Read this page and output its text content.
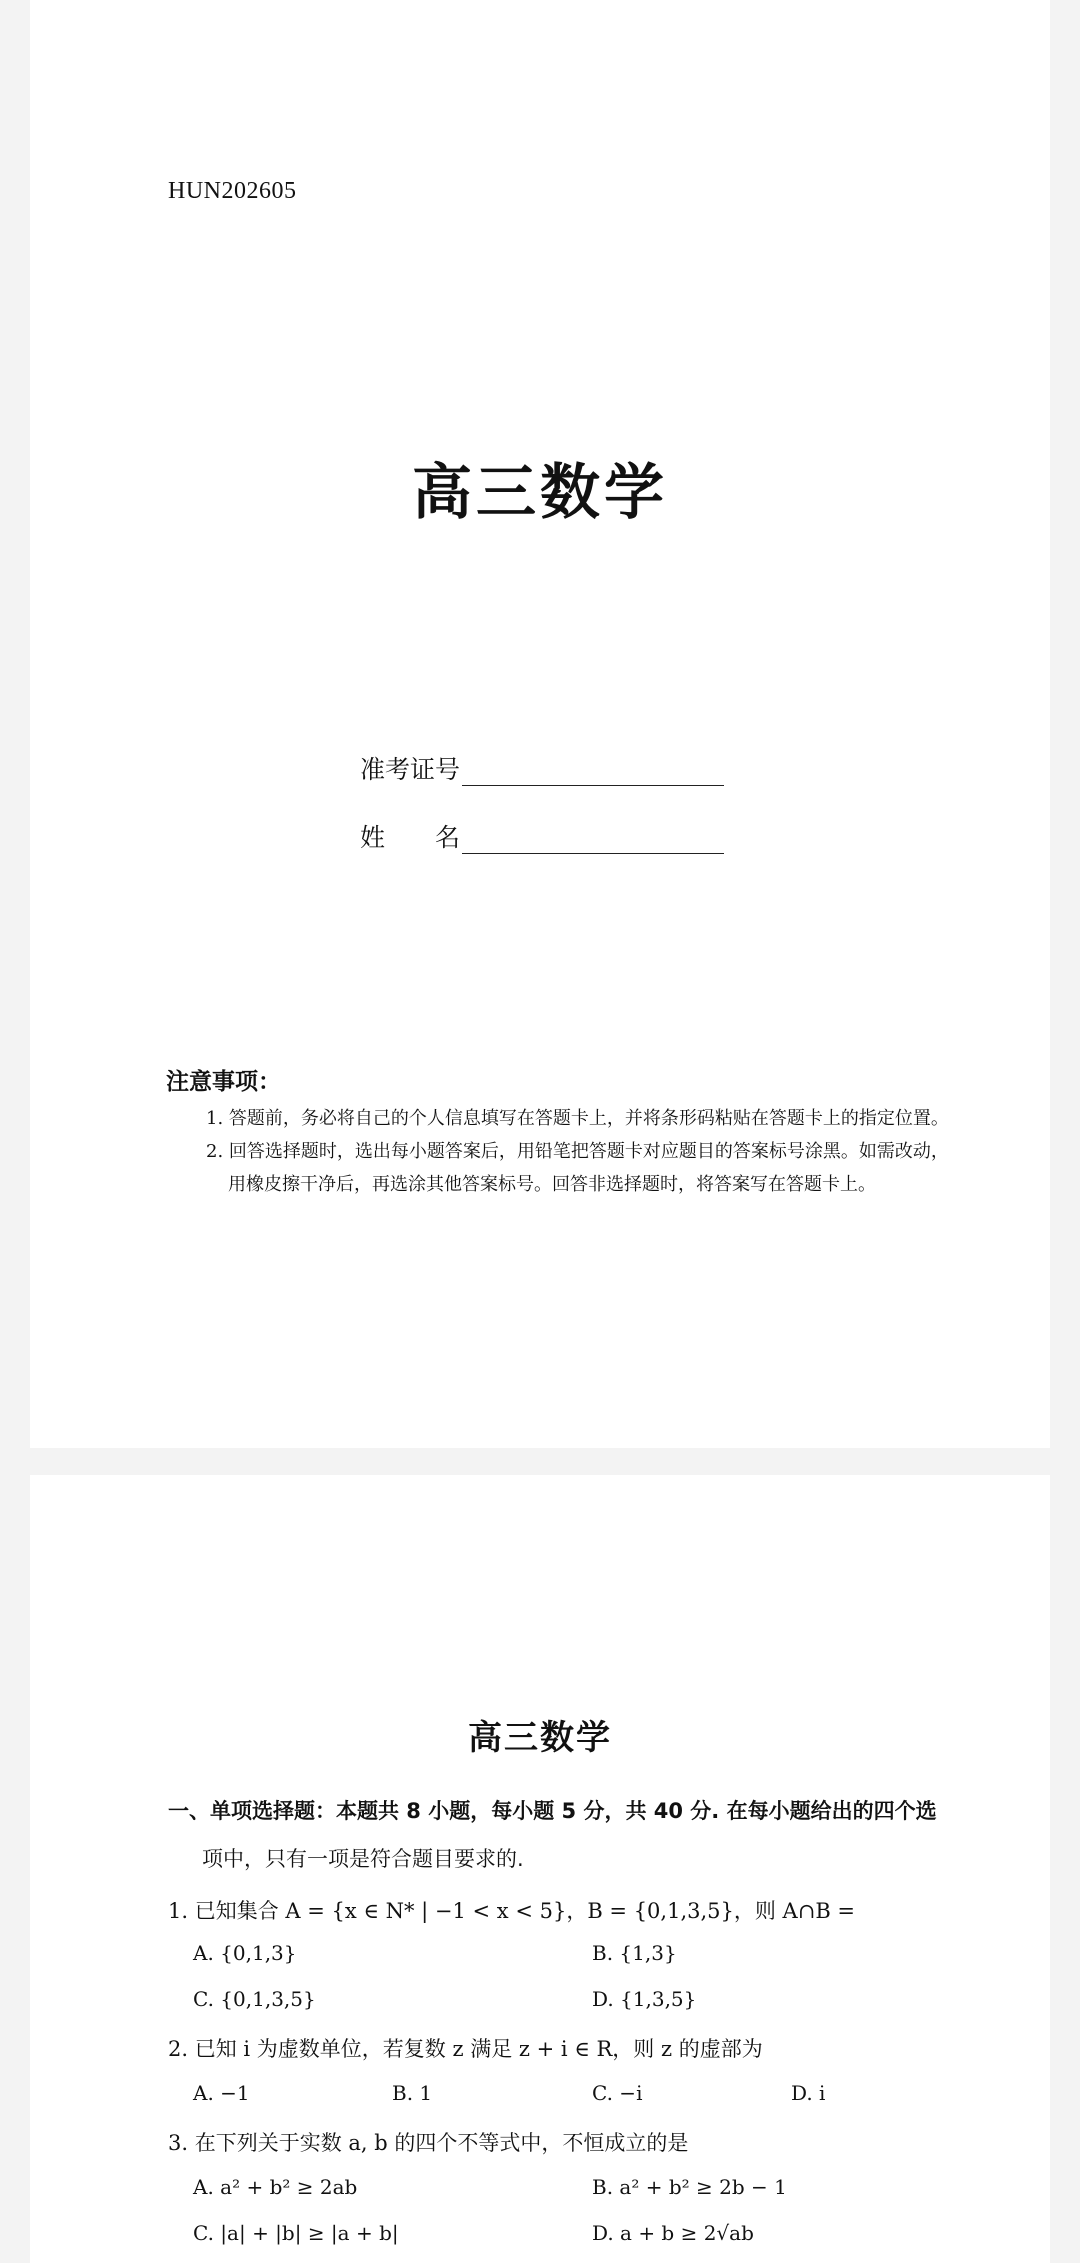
HUN202605
高三数学
准考证号
姓　　名
注意事项：
1. 答题前，务必将自己的个人信息填写在答题卡上，并将条形码粘贴在答题卡上的指定位置。
2. 回答选择题时，选出每小题答案后，用铅笔把答题卡对应题目的答案标号涂黑。如需改动，用橡皮擦干净后，再选涂其他答案标号。回答非选择题时，将答案写在答题卡上。
高三数学
一、单项选择题：本题共 8 小题，每小题 5 分，共 40 分. 在每小题给出的四个选
项中，只有一项是符合题目要求的.
1. 已知集合 A = {x ∈ N* | −1 < x < 5}，B = {0,1,3,5}，则 A∩B =
A. {0,1,3}	B. {1,3}
C. {0,1,3,5}	D. {1,3,5}
2. 已知 i 为虚数单位，若复数 z 满足 z + i ∈ R，则 z 的虚部为
A. −1	B. 1	C. −i	D. i
3. 在下列关于实数 a, b 的四个不等式中，不恒成立的是
A. a² + b² ≥ 2ab	B. a² + b² ≥ 2b − 1
C. |a| + |b| ≥ |a + b|	D. a + b ≥ 2√ab
